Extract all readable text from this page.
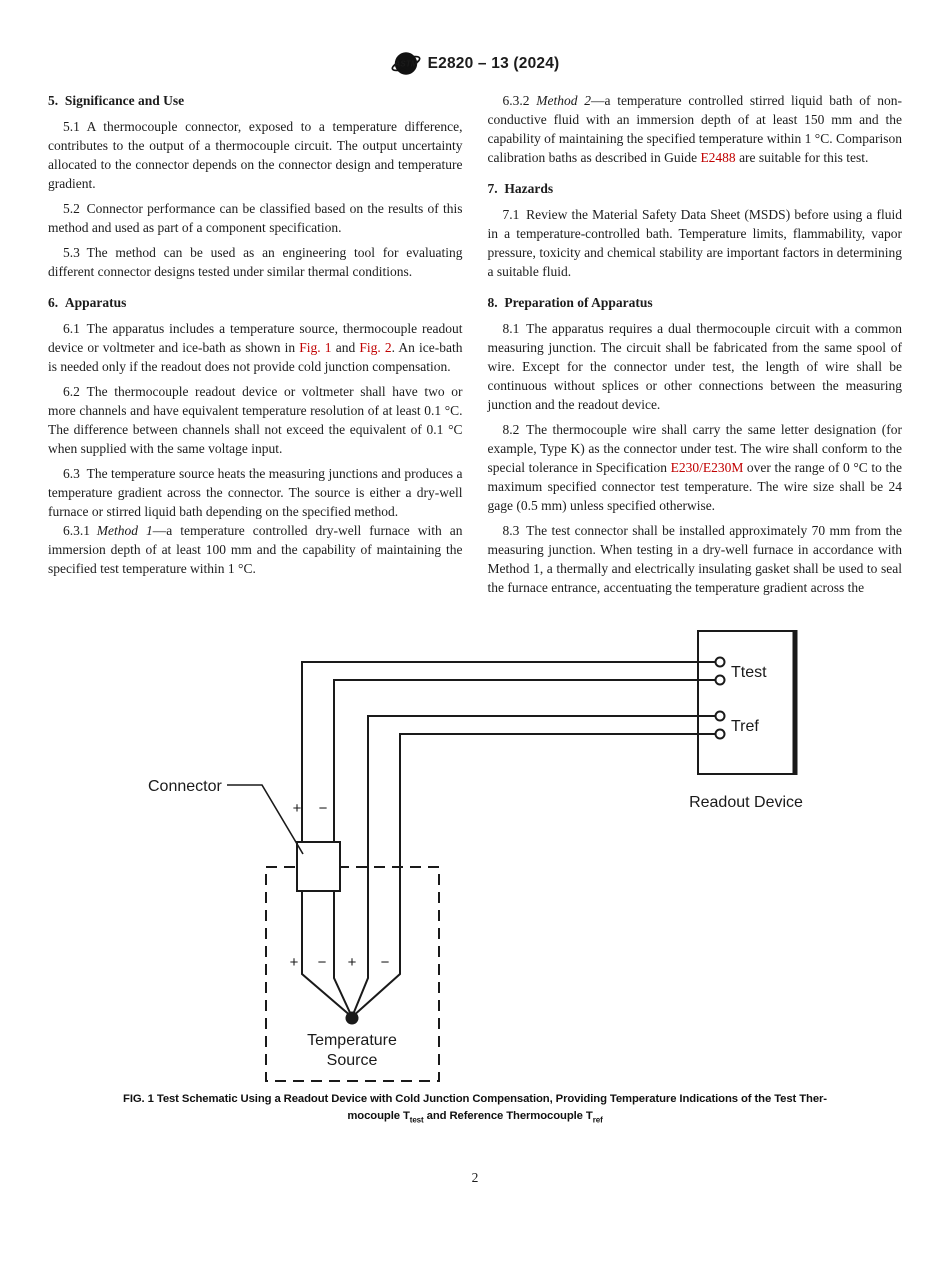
ASTM E2820 – 13 (2024)
5. Significance and Use

5.1 A thermocouple connector, exposed to a temperature difference, contributes to the output of a thermocouple circuit. The output uncertainty allocated to the connector depends on the connector design and temperature gradient.

5.2 Connector performance can be classified based on the results of this method and used as part of a component specification.

5.3 The method can be used as an engineering tool for evaluating different connector designs tested under similar thermal conditions.

6. Apparatus

6.1 The apparatus includes a temperature source, thermocouple readout device or voltmeter and ice-bath as shown in Fig. 1 and Fig. 2. An ice-bath is needed only if the readout does not provide cold junction compensation.

6.2 The thermocouple readout device or voltmeter shall have two or more channels and have equivalent temperature resolution of at least 0.1 °C. The difference between channels shall not exceed the equivalent of 0.1 °C when supplied with the same voltage input.

6.3 The temperature source heats the measuring junctions and produces a temperature gradient across the connector. The source is either a dry-well furnace or stirred liquid bath depending on the specified method.

6.3.1 Method 1—a temperature controlled dry-well furnace with an immersion depth of at least 100 mm and the capability of maintaining the specified test temperature within 1 °C.

6.3.2 Method 2—a temperature controlled stirred liquid bath of non-conductive fluid with an immersion depth of at least 150 mm and the capability of maintaining the specified temperature within 1 °C. Comparison calibration baths as described in Guide E2488 are suitable for this test.

7. Hazards

7.1 Review the Material Safety Data Sheet (MSDS) before using a fluid in a temperature-controlled bath. Temperature limits, flammability, vapor pressure, toxicity and chemical stability are important factors in determining a suitable fluid.

8. Preparation of Apparatus

8.1 The apparatus requires a dual thermocouple circuit with a common measuring junction. The circuit shall be fabricated from the same spool of wire. Except for the connector under test, the length of wire shall be continuous without splices or other connections between the measuring junction and the readout device.

8.2 The thermocouple wire shall carry the same letter designation (for example, Type K) as the connector under test. The wire shall conform to the special tolerance in Specification E230/E230M over the range of 0 °C to the maximum specified connector test temperature. The wire size shall be 24 gage (0.5 mm) unless specified otherwise.

8.3 The test connector shall be installed approximately 70 mm from the measuring junction. When testing in a dry-well furnace in accordance with Method 1, a thermally and electrically insulating gasket shall be used to seal the furnace entrance, accentuating the temperature gradient across the

Ttest
Tref
Readout Device
Connector
Temperature
Source
+ −
+ − + −
FIG. 1 Test Schematic Using a Readout Device with Cold Junction Compensation, Providing Temperature Indications of the Test Ther-
mocouple $T_{test}$ and Reference Thermocouple $T_{ref}$
2
